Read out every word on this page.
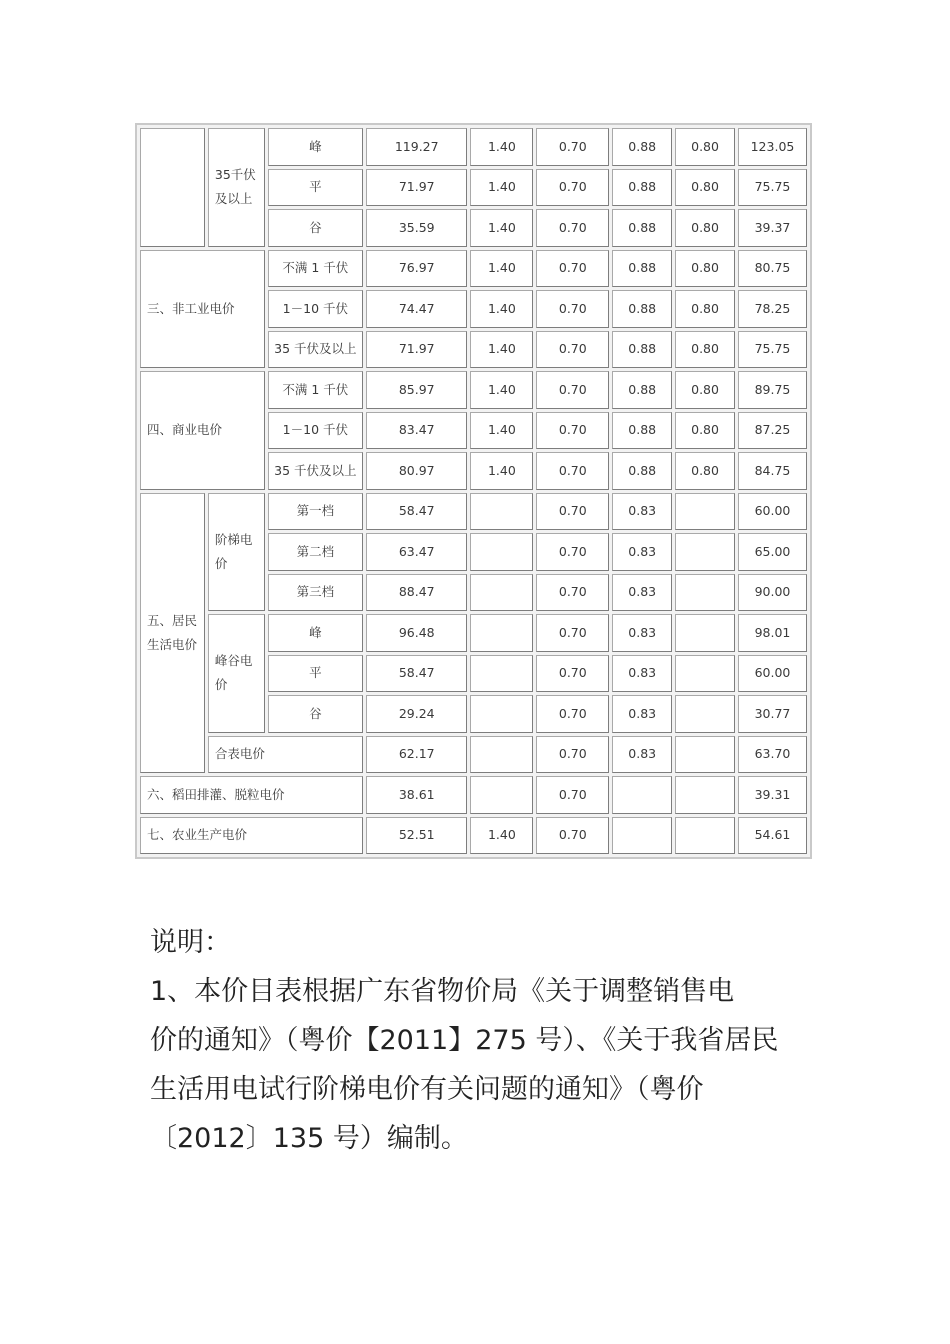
	35千伏及以上	峰	119.27	1.40	0.70	0.88	0.80	123.05
		平	71.97	1.40	0.70	0.88	0.80	75.75
		谷	35.59	1.40	0.70	0.88	0.80	39.37
三、非工业电价		不满 1 千伏	76.97	1.40	0.70	0.88	0.80	80.75
		1－10 千伏	74.47	1.40	0.70	0.88	0.80	78.25
		35 千伏及以上	71.97	1.40	0.70	0.88	0.80	75.75
四、商业电价		不满 1 千伏	85.97	1.40	0.70	0.88	0.80	89.75
		1－10 千伏	83.47	1.40	0.70	0.88	0.80	87.25
		35 千伏及以上	80.97	1.40	0.70	0.88	0.80	84.75
五、居民生活电价	阶梯电价	第一档	58.47		0.70	0.83		60.00
		第二档	63.47		0.70	0.83		65.00
		第三档	88.47		0.70	0.83		90.00
	峰谷电价	峰	96.48		0.70	0.83		98.01
		平	58.47		0.70	0.83		60.00
		谷	29.24		0.70	0.83		30.77
	合表电价		62.17		0.70	0.83		63.70
六、稻田排灌、脱粒电价			38.61		0.70			39.31
七、农业生产电价			52.51	1.40	0.70			54.61

说明：

1、本价目表根据广东省物价局《关于调整销售电

价的通知》（粤价【2011】275 号）、《关于我省居民

生活用电试行阶梯电价有关问题的通知》（粤价

〔2012〕135 号）编制。
